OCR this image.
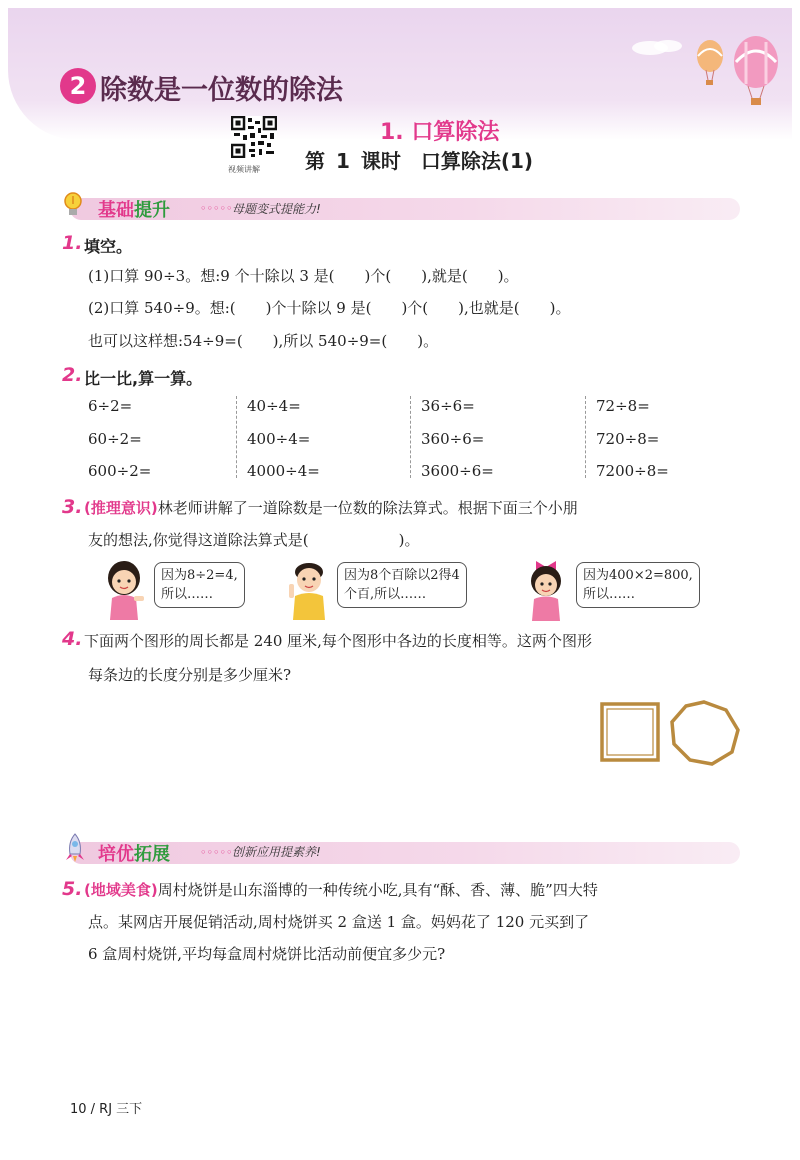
2 除数是一位数的除法
视频讲解
1. 口算除法
第 1 课时　口算除法(1)
基础提升	◦◦◦◦◦ 母题变式提能力!
1. 填空。
(1)口算 90÷3。想:9 个十除以 3 是(　　)个(　　),就是(　　)。
(2)口算 540÷9。想:(　　)个十除以 9 是(　　)个(　　),也就是(　　)。
也可以这样想:54÷9=(　　),所以 540÷9=(　　)。
2. 比一比,算一算。
6÷2=
60÷2=
600÷2=
40÷4=
400÷4=
4000÷4=
36÷6=
360÷6=
3600÷6=
72÷8=
720÷8=
7200÷8=
3. (推理意识)林老师讲解了一道除数是一位数的除法算式。根据下面三个小朋
友的想法,你觉得这道除法算式是(　　　　　　)。
因为8÷2=4,
所以……
因为8个百除以2得4
个百,所以……
因为400×2=800,
所以……
4. 下面两个图形的周长都是 240 厘米,每个图形中各边的长度相等。这两个图形
每条边的长度分别是多少厘米?
培优拓展	◦◦◦◦◦ 创新应用提素养!
5. (地域美食)周村烧饼是山东淄博的一种传统小吃,具有“酥、香、薄、脆”四大特
点。某网店开展促销活动,周村烧饼买 2 盒送 1 盒。妈妈花了 120 元买到了
6 盒周村烧饼,平均每盒周村烧饼比活动前便宜多少元?
10 / RJ 三下
